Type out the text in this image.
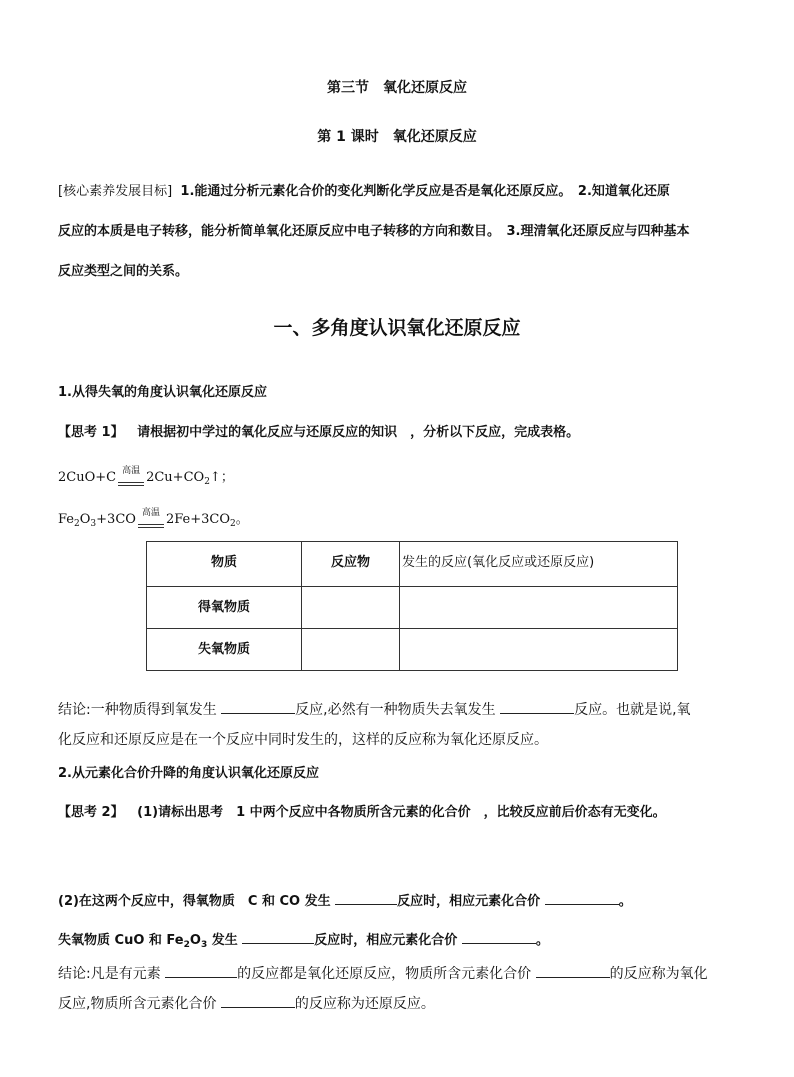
第三节　氧化还原反应
第 1 课时　氧化还原反应
[核心素养发展目标] 1.能通过分析元素化合价的变化判断化学反应是否是氧化还原反应。　2.知道氧化还原
反应的本质是电子转移，能分析简单氧化还原反应中电子转移的方向和数目。　3.理清氧化还原反应与四种基本
反应类型之间的关系。
一、多角度认识氧化还原反应
1.从得失氧的角度认识氧化还原反应
【思考 1】 请根据初中学过的氧化反应与还原反应的知识　，分析以下反应，完成表格。
2CuO+C 高温 $2Cu+CO_2↑$；
$Fe_2O_3+3CO$ 高温 $2Fe+3CO_2$。
物质	反应物	发生的反应(氧化反应或还原反应)
得氧物质		
失氧物质		
结论:一种物质得到氧发生	反应,必然有一种物质失去氧发生	反应。也就是说,氧
化反应和还原反应是在一个反应中同时发生的，这样的反应称为氧化还原反应。
2.从元素化合价升降的角度认识氧化还原反应
【思考 2】 (1)请标出思考　1 中两个反应中各物质所含元素的化合价　，比较反应前后价态有无变化。
(2)在这两个反应中，得氧物质　C 和 CO 发生	反应时，相应元素化合价	。
失氧物质 CuO 和 $Fe_2O_3$ 发生	反应时，相应元素化合价	。
结论:凡是有元素	的反应都是氧化还原反应，物质所含元素化合价	的反应称为氧化
反应,物质所含元素化合价	的反应称为还原反应。
